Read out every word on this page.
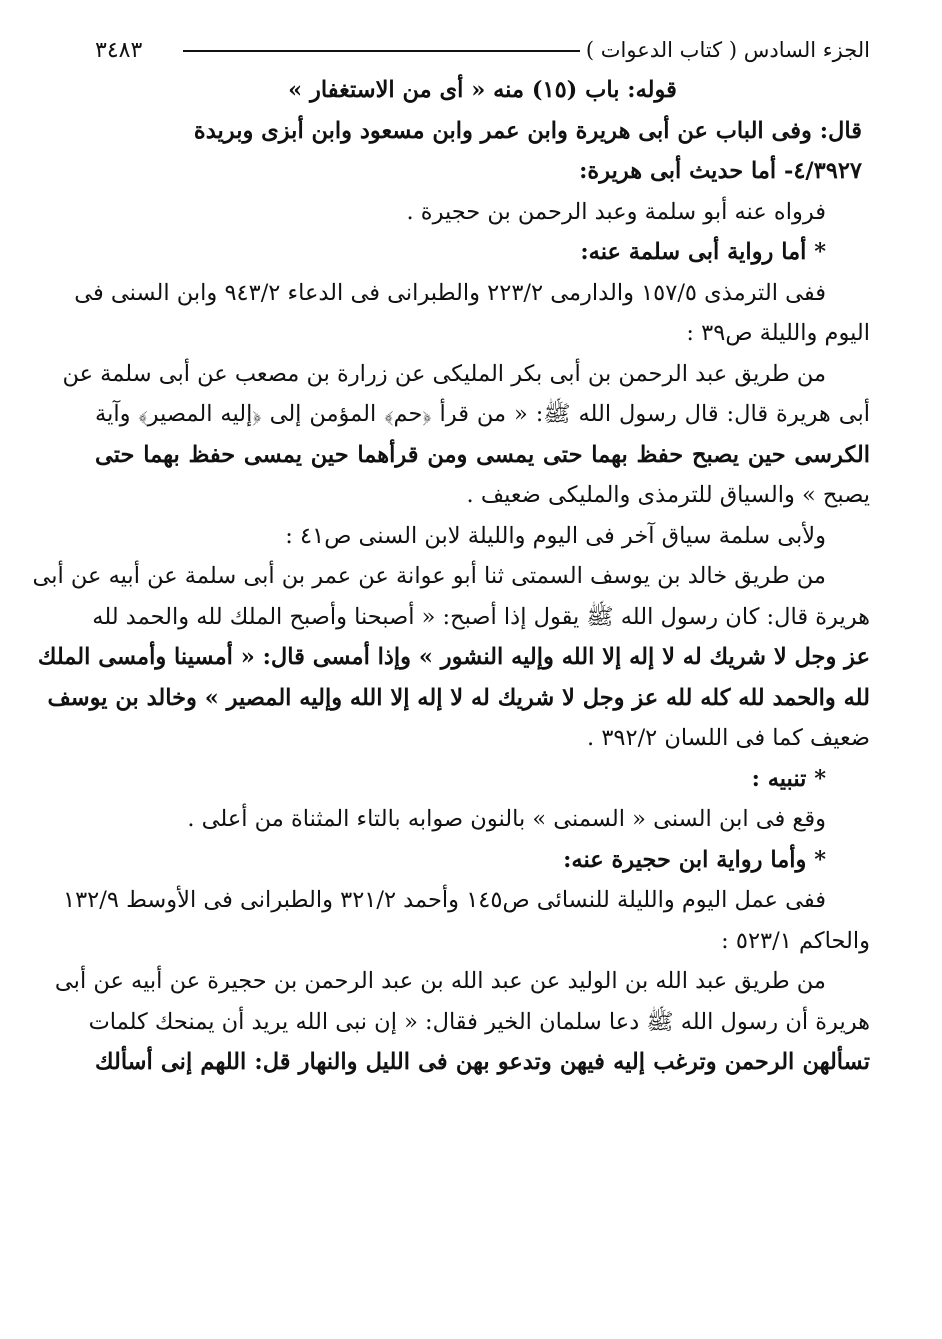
الجزء السادس ( كتاب الدعوات )
٣٤٨٣
قوله: باب (١٥) منه « أى من الاستغفار »
قال: وفى الباب عن أبى هريرة وابن عمر وابن مسعود وابن أبزى وبريدة
٤/٣٩٢٧- أما حديث أبى هريرة:
فرواه عنه أبو سلمة وعبد الرحمن بن حجيرة .
* أما رواية أبى سلمة عنه:
ففى الترمذى ١٥٧/٥ والدارمى ٢٢٣/٢ والطبرانى فى الدعاء ٩٤٣/٢ وابن السنى فى
اليوم والليلة ص٣٩ :
من طريق عبد الرحمن بن أبى بكر المليكى عن زرارة بن مصعب عن أبى سلمة عن
أبى هريرة قال: قال رسول الله ﷺ: « من قرأ ﴿حم﴾ المؤمن إلى ﴿إليه المصير﴾ وآية
الكرسى حين يصبح حفظ بهما حتى يمسى ومن قرأهما حين يمسى حفظ بهما حتى
يصبح » والسياق للترمذى والمليكى ضعيف .
ولأبى سلمة سياق آخر فى اليوم والليلة لابن السنى ص٤١ :
من طريق خالد بن يوسف السمتى ثنا أبو عوانة عن عمر بن أبى سلمة عن أبيه عن أبى
هريرة قال: كان رسول الله ﷺ يقول إذا أصبح: « أصبحنا وأصبح الملك لله والحمد لله
عز وجل لا شريك له لا إله إلا الله وإليه النشور » وإذا أمسى قال: « أمسينا وأمسى الملك
لله والحمد لله كله لله عز وجل لا شريك له لا إله إلا الله وإليه المصير » وخالد بن يوسف
ضعيف كما فى اللسان ٣٩٢/٢ .
* تنبيه :
وقع فى ابن السنى « السمنى » بالنون صوابه بالتاء المثناة من أعلى .
* وأما رواية ابن حجيرة عنه:
ففى عمل اليوم والليلة للنسائى ص١٤٥ وأحمد ٣٢١/٢ والطبرانى فى الأوسط ١٣٢/٩
والحاكم ٥٢٣/١ :
من طريق عبد الله بن الوليد عن عبد الله بن عبد الرحمن بن حجيرة عن أبيه عن أبى
هريرة أن رسول الله ﷺ دعا سلمان الخير فقال: « إن نبى الله يريد أن يمنحك كلمات
تسألهن الرحمن وترغب إليه فيهن وتدعو بهن فى الليل والنهار قل: اللهم إنى أسألك
